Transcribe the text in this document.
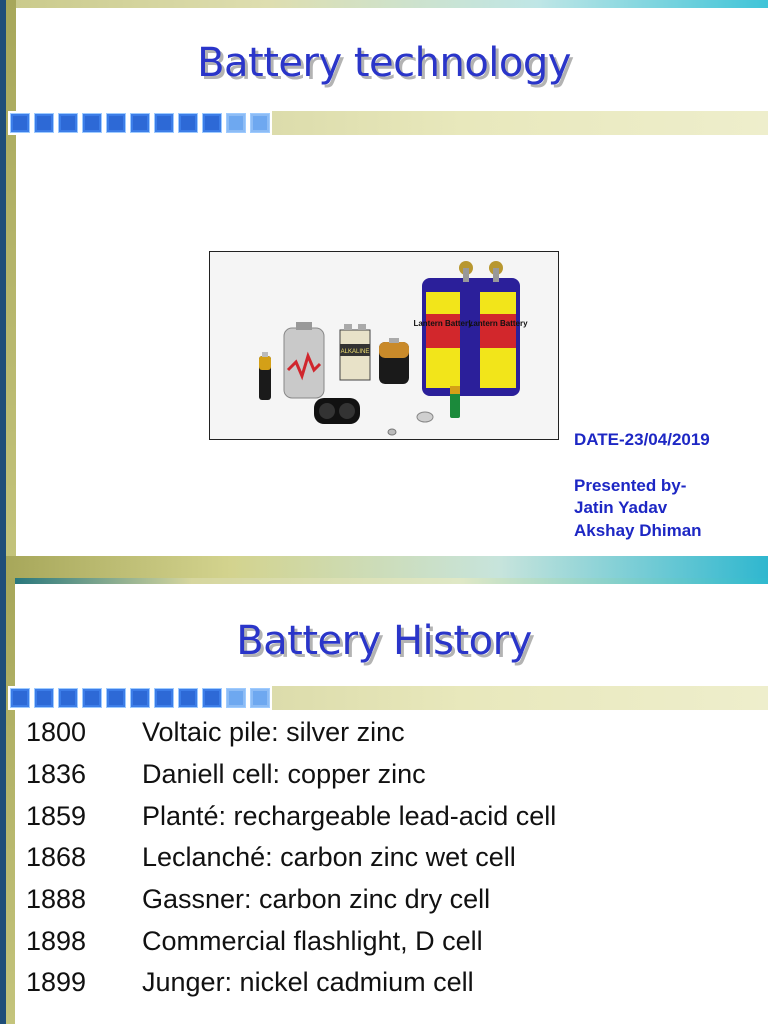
Battery technology
ALKALINE
Lantern Battery
Lantern Battery
DATE-23/04/2019
Presented by-
Jatin Yadav
Akshay Dhiman
Battery History
1800	Voltaic pile: silver zinc
1836	Daniell cell: copper zinc
1859	Planté: rechargeable lead-acid cell
1868	Leclanché: carbon zinc wet cell
1888	Gassner: carbon zinc dry cell
1898	Commercial flashlight, D cell
1899	Junger: nickel cadmium cell
